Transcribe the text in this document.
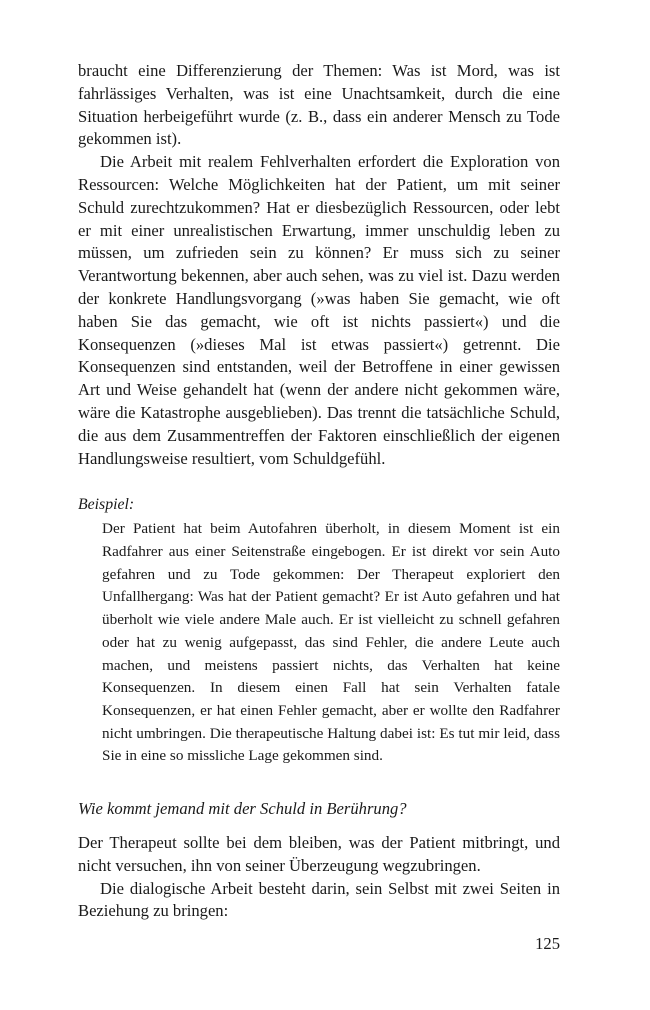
braucht eine Differenzierung der Themen: Was ist Mord, was ist fahrlässiges Verhalten, was ist eine Unachtsamkeit, durch die eine Situation herbeigeführt wurde (z. B., dass ein anderer Mensch zu Tode gekommen ist).

Die Arbeit mit realem Fehlverhalten erfordert die Exploration von Ressourcen: Welche Möglichkeiten hat der Patient, um mit seiner Schuld zurechtzukommen? Hat er diesbezüglich Ressourcen, oder lebt er mit einer unrealistischen Erwartung, immer unschuldig leben zu müssen, um zufrieden sein zu können? Er muss sich zu seiner Verantwortung bekennen, aber auch sehen, was zu viel ist. Dazu werden der konkrete Handlungsvorgang (»was haben Sie gemacht, wie oft haben Sie das gemacht, wie oft ist nichts passiert«) und die Konsequenzen (»dieses Mal ist etwas passiert«) getrennt. Die Konsequenzen sind entstanden, weil der Betroffene in einer gewissen Art und Weise gehandelt hat (wenn der andere nicht gekommen wäre, wäre die Katastrophe ausgeblieben). Das trennt die tatsächliche Schuld, die aus dem Zusammentreffen der Faktoren einschließlich der eigenen Handlungsweise resultiert, vom Schuldgefühl.

Beispiel:

Der Patient hat beim Autofahren überholt, in diesem Moment ist ein Radfahrer aus einer Seitenstraße eingebogen. Er ist direkt vor sein Auto gefahren und zu Tode gekommen: Der Therapeut exploriert den Unfallhergang: Was hat der Patient gemacht? Er ist Auto gefahren und hat überholt wie viele andere Male auch. Er ist vielleicht zu schnell gefahren oder hat zu wenig aufgepasst, das sind Fehler, die andere Leute auch machen, und meistens passiert nichts, das Verhalten hat keine Konsequenzen. In diesem einen Fall hat sein Verhalten fatale Konsequenzen, er hat einen Fehler gemacht, aber er wollte den Radfahrer nicht umbringen. Die therapeutische Haltung dabei ist: Es tut mir leid, dass Sie in eine so missliche Lage gekommen sind.

Wie kommt jemand mit der Schuld in Berührung?

Der Therapeut sollte bei dem bleiben, was der Patient mitbringt, und nicht versuchen, ihn von seiner Überzeugung wegzubringen.

Die dialogische Arbeit besteht darin, sein Selbst mit zwei Seiten in Beziehung zu bringen:

125
